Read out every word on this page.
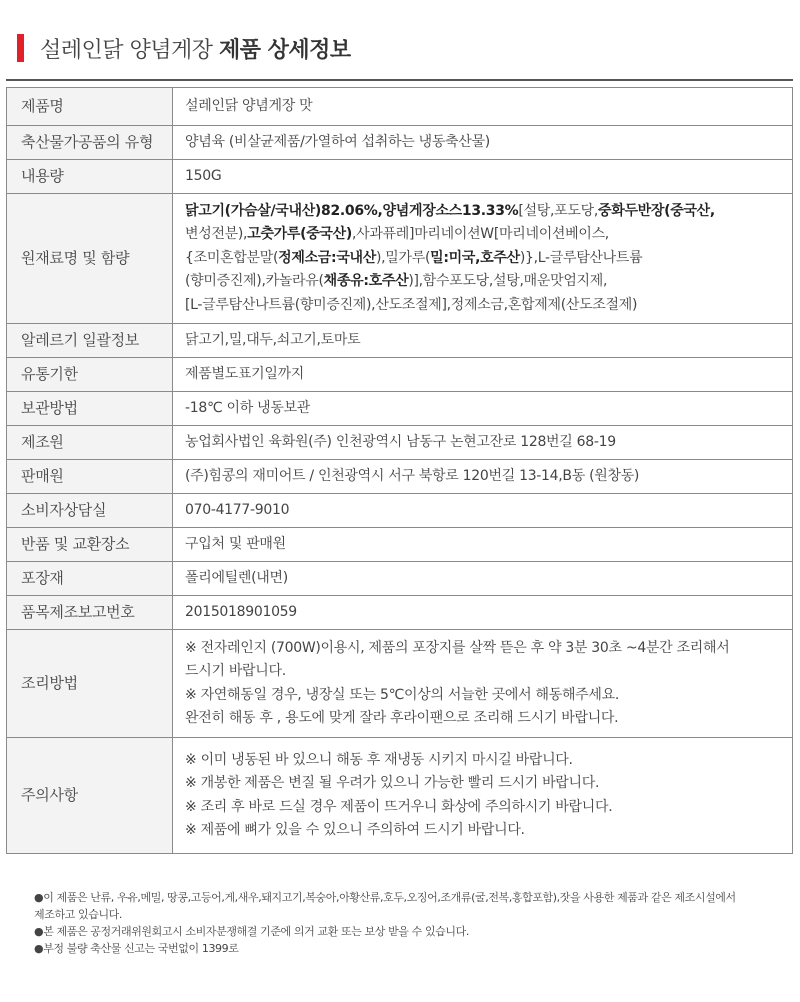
설레인닭 양념게장 제품 상세정보
제품명	설레인닭 양념게장 맛

축산물가공품의 유형	양념육 (비살균제품/가열하여 섭취하는 냉동축산물)

내용량	150G

원재료명 및 함량	닭고기(가슴살/국내산)82.06%,양념게장소스13.33%[설탕,포도당,중화두반장(중국산,
변성전분),고춧가루(중국산),사과퓨레]마리네이션W[마리네이션베이스,
{조미혼합분말(정제소금:국내산),밀가루(밀:미국,호주산)},L-글루탐산나트륨
(향미증진제),카놀라유(채종유:호주산)],함수포도당,설탕,매운맛엄지제,
[L-글루탐산나트륨(향미증진제),산도조절제],정제소금,혼합제제(산도조절제)

알레르기 일괄정보	닭고기,밀,대두,쇠고기,토마토

유통기한	제품별도표기일까지

보관방법	-18℃ 이하 냉동보관

제조원	농업회사법인 육화원(주) 인천광역시 남동구 논현고잔로 128번길 68-19

판매원	(주)힘콩의 재미어트 / 인천광역시 서구 북항로 120번길 13-14,B동 (원창동)

소비자상담실	070-4177-9010

반품 및 교환장소	구입처 및 판매원

포장재	폴리에틸렌(내면)

품목제조보고번호	2015018901059

조리방법	※ 전자레인지 (700W)이용시, 제품의 포장지를 살짝 뜯은 후 약 3분 30초 ~4분간 조리해서
드시기 바랍니다.
※ 자연해동일 경우, 냉장실 또는 5℃이상의 서늘한 곳에서 해동해주세요.
완전히 해동 후 , 용도에 맞게 잘라 후라이팬으로 조리해 드시기 바랍니다.

주의사항	※ 이미 냉동된 바 있으니 해동 후 재냉동 시키지 마시길 바랍니다.
※ 개봉한 제품은 변질 될 우려가 있으니 가능한 빨리 드시기 바랍니다.
※ 조리 후 바로 드실 경우 제품이 뜨거우니 화상에 주의하시기 바랍니다.
※ 제품에 뼈가 있을 수 있으니 주의하여 드시기 바랍니다.
●이 제품은 난류, 우유,메밀, 땅콩,고등어,게,새우,돼지고기,복숭아,아황산류,호두,오징어,조개류(굴,전복,홍합포함),잣을 사용한 제품과 같은 제조시설에서
제조하고 있습니다.
●본 제품은 공정거래위원회고시 소비자분쟁해결 기준에 의거 교환 또는 보상 받을 수 있습니다.
●부정 불량 축산물 신고는 국번없이 1399로
